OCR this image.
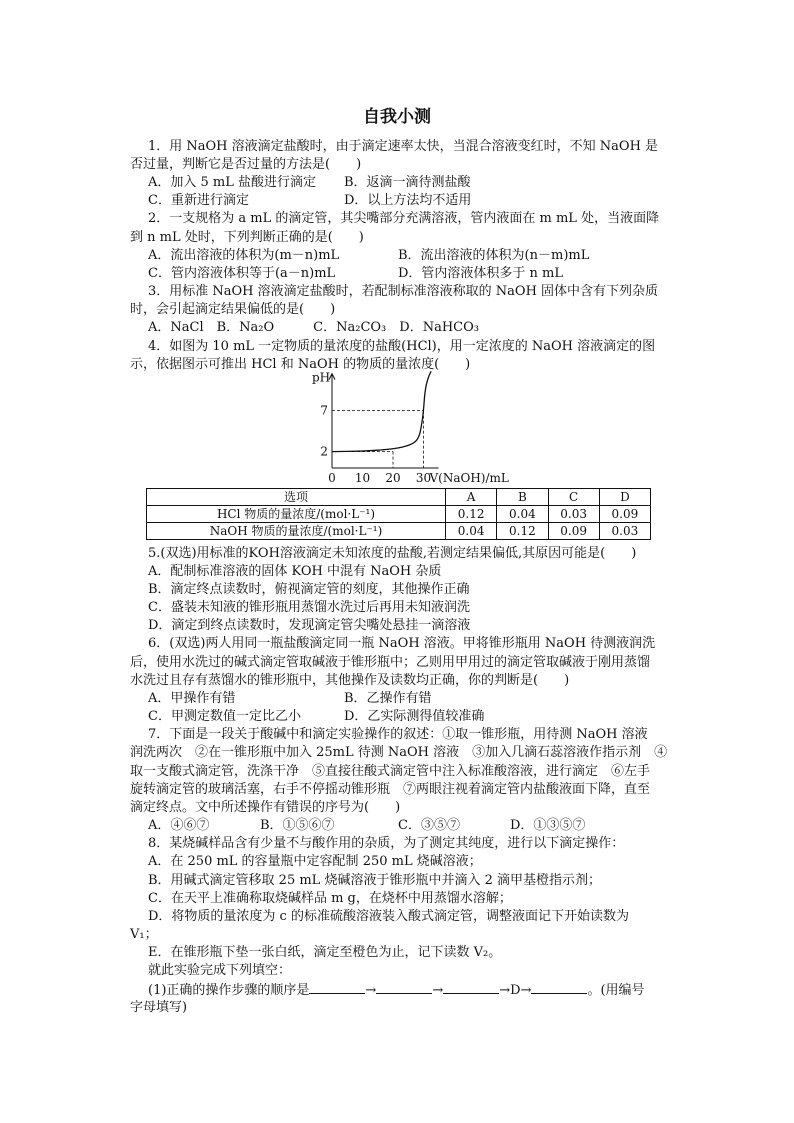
自我小测
1．用 NaOH 溶液滴定盐酸时，由于滴定速率太快，当混合溶液变红时，不知 NaOH 是
否过量，判断它是否过量的方法是(　　)
A．加入 5 mL 盐酸进行滴定 B．返滴一滴待测盐酸
C．重新进行滴定	D．以上方法均不适用
2．一支规格为 a mL 的滴定管，其尖嘴部分充满溶液，管内液面在 m mL 处，当液面降
到 n mL 处时，下列判断正确的是(　　)
A．流出溶液的体积为(m－n)mL	B．流出溶液的体积为(n－m)mL
C．管内溶液体积等于(a－n)mL	D．管内溶液体积多于 n mL
3．用标准 NaOH 溶液滴定盐酸时，若配制标准溶液称取的 NaOH 固体中含有下列杂质
时，会引起滴定结果偏低的是(　　)
A．NaCl　B．Na₂O　　　C．Na₂CO₃　D．NaHCO₃
4．如图为 10 mL 一定物质的量浓度的盐酸(HCl)，用一定浓度的 NaOH 溶液滴定的图
示，依据图示可推出 HCl 和 NaOH 的物质的量浓度(　　)
0 10 20 30
2
7
pH
V(NaOH)/mL
选项	A	B	C	D
HCl 物质的量浓度/(mol·L⁻¹)	0.12	0.04	0.03	0.09
NaOH 物质的量浓度/(mol·L⁻¹)	0.04	0.12	0.09	0.03
5.(双选)用标准的KOH溶液滴定未知浓度的盐酸,若测定结果偏低,其原因可能是(　　)
A．配制标准溶液的固体 KOH 中混有 NaOH 杂质
B．滴定终点读数时，俯视滴定管的刻度，其他操作正确
C．盛装未知液的锥形瓶用蒸馏水洗过后再用未知液润洗
D．滴定到终点读数时，发现滴定管尖嘴处悬挂一滴溶液
6．(双选)两人用同一瓶盐酸滴定同一瓶 NaOH 溶液。甲将锥形瓶用 NaOH 待测液润洗
后，使用水洗过的碱式滴定管取碱液于锥形瓶中；乙则用甲用过的滴定管取碱液于刚用蒸馏
水洗过且存有蒸馏水的锥形瓶中，其他操作及读数均正确，你的判断是(　　)
A．甲操作有错	B．乙操作有错
C．甲测定数值一定比乙小	D．乙实际测得值较准确
7．下面是一段关于酸碱中和滴定实验操作的叙述：①取一锥形瓶，用待测 NaOH 溶液
润洗两次　②在一锥形瓶中加入 25mL 待测 NaOH 溶液　③加入几滴石蕊溶液作指示剂　④
取一支酸式滴定管，洗涤干净　⑤直接往酸式滴定管中注入标准酸溶液，进行滴定　⑥左手
旋转滴定管的玻璃活塞，右手不停摇动锥形瓶　⑦两眼注视着滴定管内盐酸液面下降，直至
滴定终点。文中所述操作有错误的序号为(　　)
A．④⑥⑦	B．①⑤⑥⑦	C．③⑤⑦	D．①③⑤⑦
8．某烧碱样品含有少量不与酸作用的杂质，为了测定其纯度，进行以下滴定操作：
A．在 250 mL 的容量瓶中定容配制 250 mL 烧碱溶液；
B．用碱式滴定管移取 25 mL 烧碱溶液于锥形瓶中并滴入 2 滴甲基橙指示剂；
C．在天平上准确称取烧碱样品 m g，在烧杯中用蒸馏水溶解；
D．将物质的量浓度为 c 的标准硫酸溶液装入酸式滴定管，调整液面记下开始读数为
V₁；
E．在锥形瓶下垫一张白纸，滴定至橙色为止，记下读数 V₂。
就此实验完成下列填空：
(1)正确的操作步骤的顺序是	→	→	→D→	。(用编号
字母填写)
